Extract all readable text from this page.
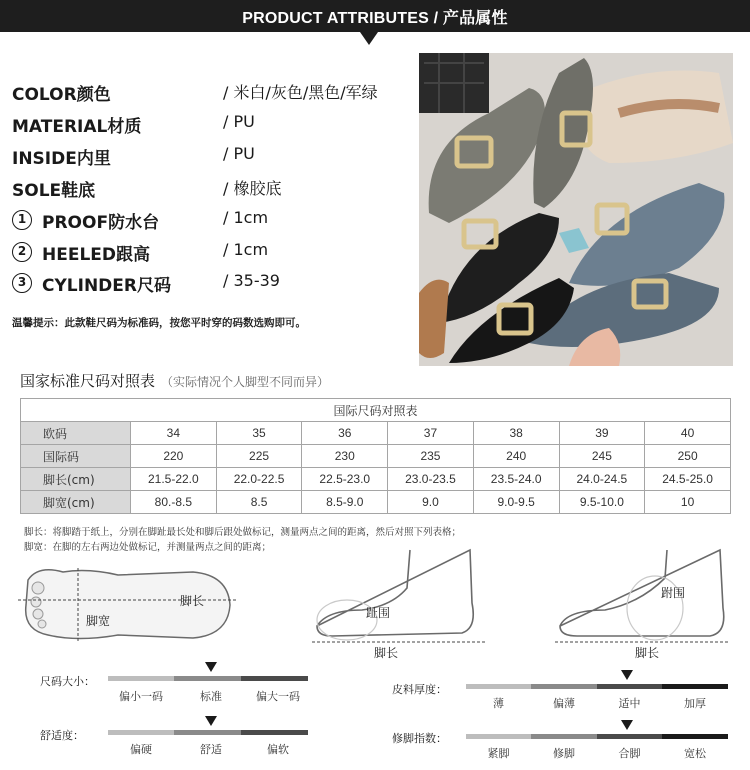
PRODUCT ATTRIBUTES / 产品属性
COLOR颜色	/ 米白/灰色/黑色/军绿
MATERIAL材质	/ PU
INSIDE内里	/ PU
SOLE鞋底	/ 橡胶底
1 PROOF防水台	/ 1cm
2 HEELED跟高	/ 1cm
3 CYLINDER尺码	/ 35-39
温馨提示：此款鞋尺码为标准码，按您平时穿的码数选购即可。
国家标准尺码对照表 （实际情况个人脚型不同而异）
国际尺码对照表							
欧码	34	35	36	37	38	39	40
国际码	220	225	230	235	240	245	250
脚长(cm)	21.5-22.0	22.0-22.5	22.5-23.0	23.0-23.5	23.5-24.0	24.0-24.5	24.5-25.0
脚宽(cm)	80.-8.5	8.5	8.5-9.0	9.0	9.0-9.5	9.5-10.0	10
脚长：将脚踏于纸上，分别在脚趾最长处和脚后跟处做标记，测量两点之间的距离，然后对照下列表格；
脚宽：在脚的左右两边处做标记，并测量两点之间的距离；
脚宽
脚长
趾围
脚长
跗围
脚长
尺码大小：
偏小一码	标准	偏大一码
舒适度：
偏硬	舒适	偏软
皮料厚度：
薄	偏薄	适中	加厚
修脚指数：
紧脚	修脚	合脚	宽松
